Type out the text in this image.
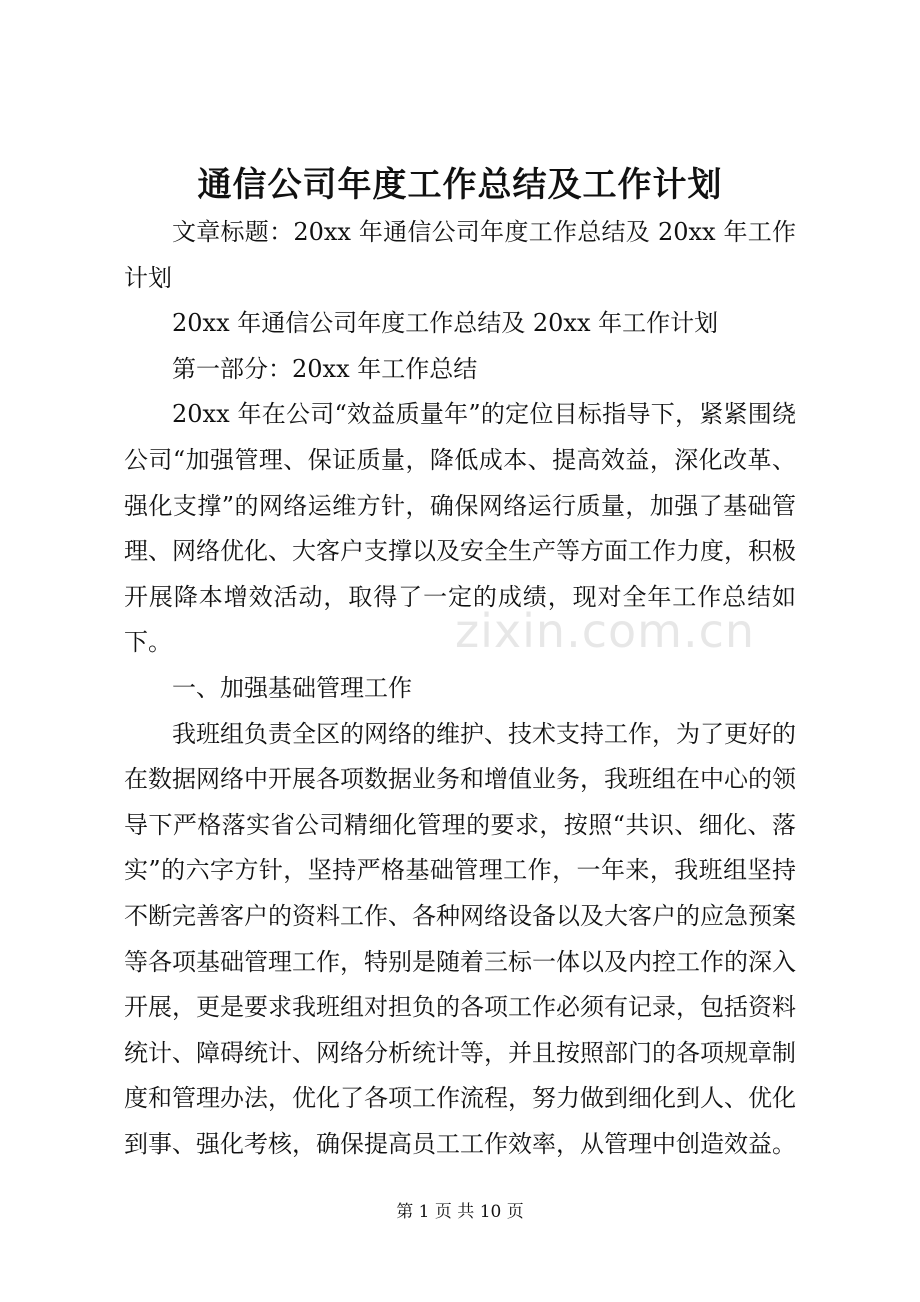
通信公司年度工作总结及工作计划

文章标题：20xx 年通信公司年度工作总结及 20xx 年工作计划

20xx 年通信公司年度工作总结及 20xx 年工作计划

第一部分：20xx 年工作总结

20xx 年在公司“效益质量年”的定位目标指导下，紧紧围绕公司“加强管理、保证质量，降低成本、提高效益，深化改革、强化支撑”的网络运维方针，确保网络运行质量，加强了基础管理、网络优化、大客户支撑以及安全生产等方面工作力度，积极开展降本增效活动，取得了一定的成绩，现对全年工作总结如下。

一、加强基础管理工作

我班组负责全区的网络的维护、技术支持工作，为了更好的在数据网络中开展各项数据业务和增值业务，我班组在中心的领导下严格落实省公司精细化管理的要求，按照“共识、细化、落实”的六字方针，坚持严格基础管理工作，一年来，我班组坚持不断完善客户的资料工作、各种网络设备以及大客户的应急预案等各项基础管理工作，特别是随着三标一体以及内控工作的深入开展，更是要求我班组对担负的各项工作必须有记录，包括资料统计、障碍统计、网络分析统计等，并且按照部门的各项规章制度和管理办法，优化了各项工作流程，努力做到细化到人、优化到事、强化考核，确保提高员工工作效率，从管理中创造效益。

zixin.com.cn
第 1 页 共 10 页
